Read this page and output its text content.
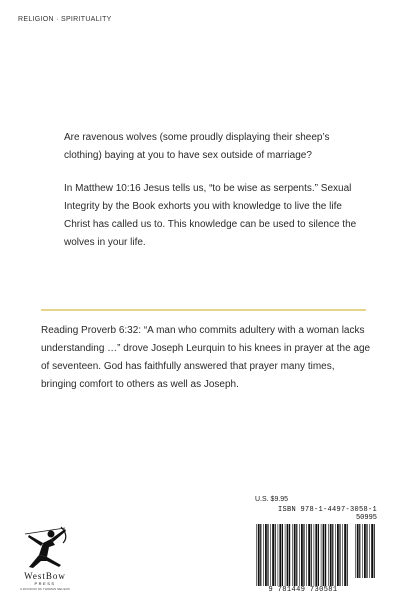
RELIGION · SPIRITUALITY

Are ravenous wolves (some proudly displaying their sheep’s clothing) baying at you to have sex outside of marriage?

In Matthew 10:16 Jesus tells us, “to be wise as serpents.” Sexual Integrity by the Book exhorts you with knowledge to live the life Christ has called us to. This knowledge can be used to silence the wolves in your life.

Reading Proverb 6:32: “A man who commits adultery with a woman lacks understanding …” drove Joseph Leurquin to his knees in prayer at the age of seventeen. God has faithfully answered that prayer many times, bringing comfort to others as well as Joseph.

WestBow
PRESS
A DIVISION OF THOMAS NELSON
U.S. $9.95
ISBN 978-1-4497-3058-1
50995
9 781449 730581
